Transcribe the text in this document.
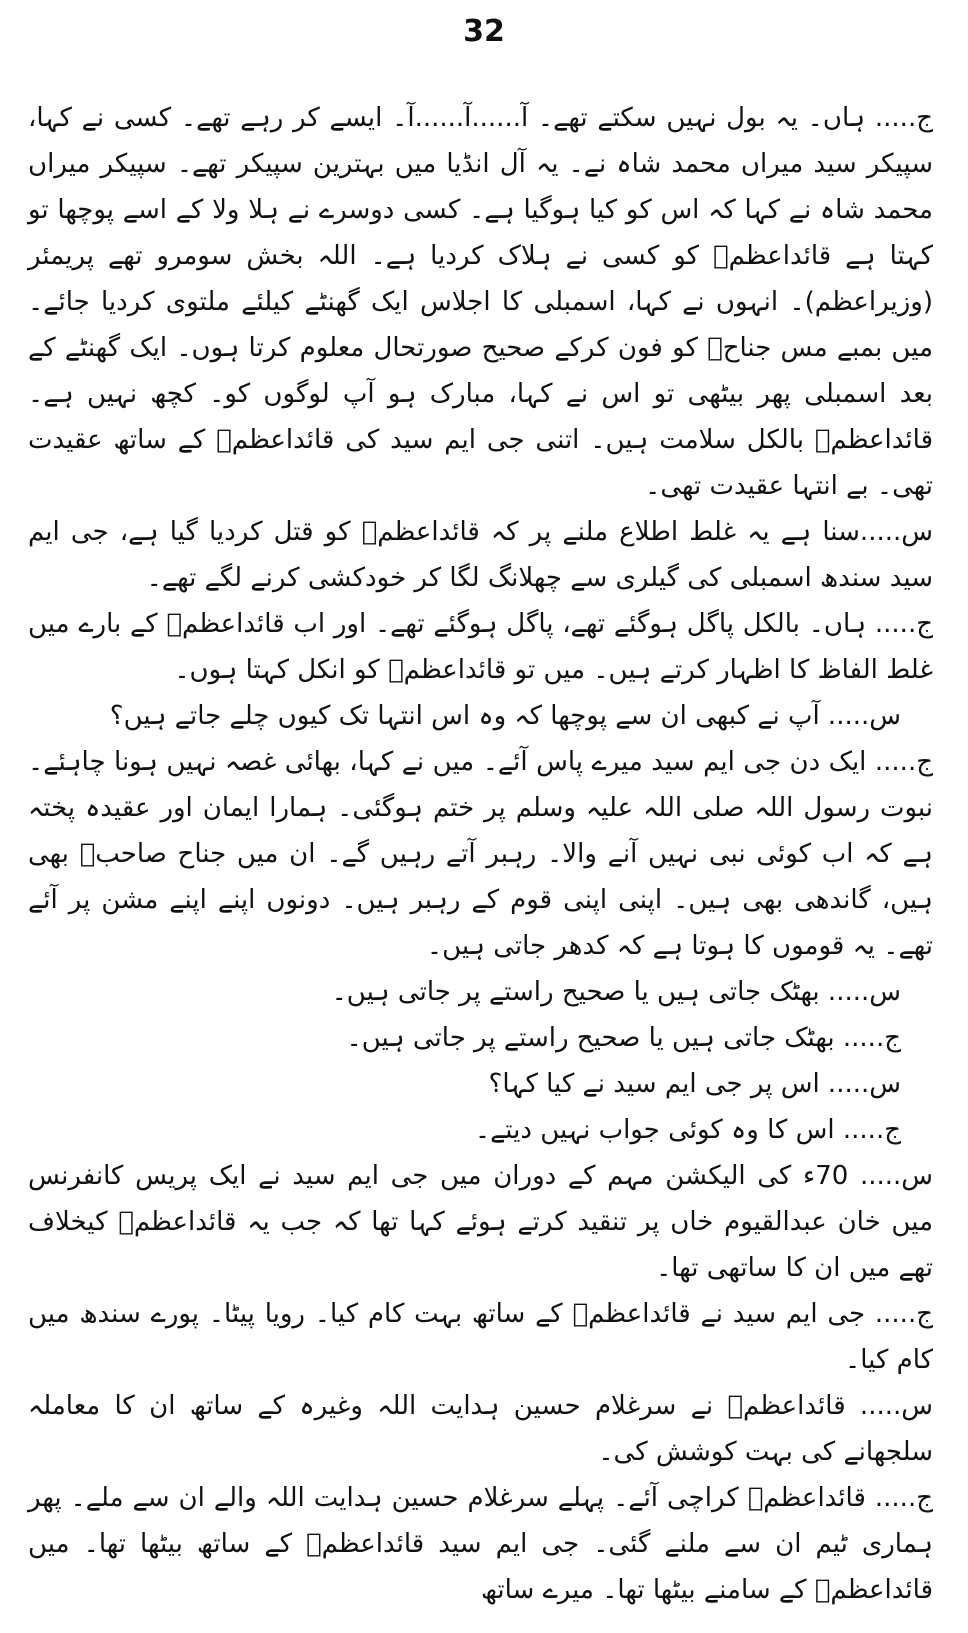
32

ج..... ہاں۔ یہ بول نہیں سکتے تھے۔ آ......آ......آ۔ ایسے کر رہے تھے۔ کسی نے کہا، سپیکر سید میراں محمد شاہ نے۔ یہ آل انڈیا میں بہترین سپیکر تھے۔ سپیکر میراں محمد شاہ نے کہا کہ اس کو کیا ہوگیا ہے۔ کسی دوسرے نے ہلا ولا کے اسے پوچھا تو کہتا ہے قائداعظمؒ کو کسی نے ہلاک کردیا ہے۔ اللہ بخش سومرو تھے پریمئر (وزیراعظم)۔ انہوں نے کہا، اسمبلی کا اجلاس ایک گھنٹے کیلئے ملتوی کردیا جائے۔ میں بمبے مس جناحؒ کو فون کرکے صحیح صورتحال معلوم کرتا ہوں۔ ایک گھنٹے کے بعد اسمبلی پھر بیٹھی تو اس نے کہا، مبارک ہو آپ لوگوں کو۔ کچھ نہیں ہے۔ قائداعظمؒ بالکل سلامت ہیں۔ اتنی جی ایم سید کی قائداعظمؒ کے ساتھ عقیدت تھی۔ بے انتہا عقیدت تھی۔

س.....سنا ہے یہ غلط اطلاع ملنے پر کہ قائداعظمؒ کو قتل کردیا گیا ہے، جی ایم سید سندھ اسمبلی کی گیلری سے چھلانگ لگا کر خودکشی کرنے لگے تھے۔

ج..... ہاں۔ بالکل پاگل ہوگئے تھے، پاگل ہوگئے تھے۔ اور اب قائداعظمؒ کے بارے میں غلط الفاظ کا اظہار کرتے ہیں۔ میں تو قائداعظمؒ کو انکل کہتا ہوں۔

س..... آپ نے کبھی ان سے پوچھا کہ وہ اس انتہا تک کیوں چلے جاتے ہیں؟

ج..... ایک دن جی ایم سید میرے پاس آئے۔ میں نے کہا، بھائی غصہ نہیں ہونا چاہئے۔ نبوت رسول اللہ صلی اللہ علیہ وسلم پر ختم ہوگئی۔ ہمارا ایمان اور عقیدہ پختہ ہے کہ اب کوئی نبی نہیں آنے والا۔ رہبر آتے رہیں گے۔ ان میں جناح صاحبؒ بھی ہیں، گاندھی بھی ہیں۔ اپنی اپنی قوم کے رہبر ہیں۔ دونوں اپنے اپنے مشن پر آئے تھے۔ یہ قوموں کا ہوتا ہے کہ کدھر جاتی ہیں۔

س..... بھٹک جاتی ہیں یا صحیح راستے پر جاتی ہیں۔

ج..... بھٹک جاتی ہیں یا صحیح راستے پر جاتی ہیں۔

س..... اس پر جی ایم سید نے کیا کہا؟

ج..... اس کا وہ کوئی جواب نہیں دیتے۔

س..... 70ء کی الیکشن مہم کے دوران میں جی ایم سید نے ایک پریس کانفرنس میں خان عبدالقیوم خاں پر تنقید کرتے ہوئے کہا تھا کہ جب یہ قائداعظمؒ کیخلاف تھے میں ان کا ساتھی تھا۔

ج..... جی ایم سید نے قائداعظمؒ کے ساتھ بہت کام کیا۔ رویا پیٹا۔ پورے سندھ میں کام کیا۔

س..... قائداعظمؒ نے سرغلام حسین ہدایت اللہ وغیرہ کے ساتھ ان کا معاملہ سلجھانے کی بہت کوشش کی۔

ج..... قائداعظمؒ کراچی آئے۔ پہلے سرغلام حسین ہدایت اللہ والے ان سے ملے۔ پھر ہماری ٹیم ان سے ملنے گئی۔ جی ایم سید قائداعظمؒ کے ساتھ بیٹھا تھا۔ میں قائداعظمؒ کے سامنے بیٹھا تھا۔ میرے ساتھ
